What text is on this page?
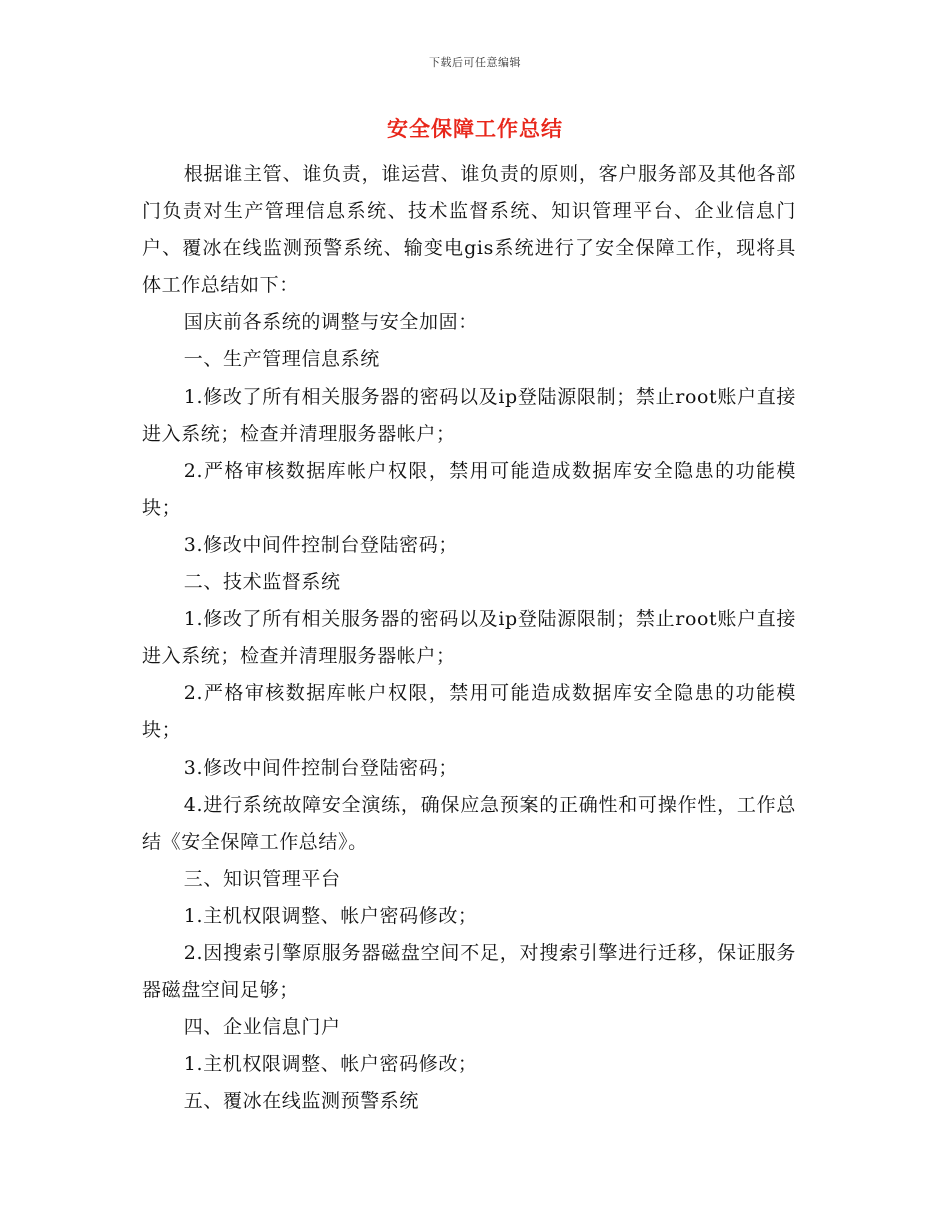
下载后可任意编辑
安全保障工作总结

根据谁主管、谁负责，谁运营、谁负责的原则，客户服务部及其他各部门负责对生产管理信息系统、技术监督系统、知识管理平台、企业信息门户、覆冰在线监测预警系统、输变电gis系统进行了安全保障工作，现将具体工作总结如下：

国庆前各系统的调整与安全加固：

一、生产管理信息系统

1.修改了所有相关服务器的密码以及ip登陆源限制；禁止root账户直接进入系统；检查并清理服务器帐户；

2.严格审核数据库帐户权限，禁用可能造成数据库安全隐患的功能模块；

3.修改中间件控制台登陆密码；

二、技术监督系统

1.修改了所有相关服务器的密码以及ip登陆源限制；禁止root账户直接进入系统；检查并清理服务器帐户；

2.严格审核数据库帐户权限，禁用可能造成数据库安全隐患的功能模块；

3.修改中间件控制台登陆密码；

4.进行系统故障安全演练，确保应急预案的正确性和可操作性，工作总结《安全保障工作总结》。

三、知识管理平台

1.主机权限调整、帐户密码修改；

2.因搜索引擎原服务器磁盘空间不足，对搜索引擎进行迁移，保证服务器磁盘空间足够；

四、企业信息门户

1.主机权限调整、帐户密码修改；

五、覆冰在线监测预警系统
